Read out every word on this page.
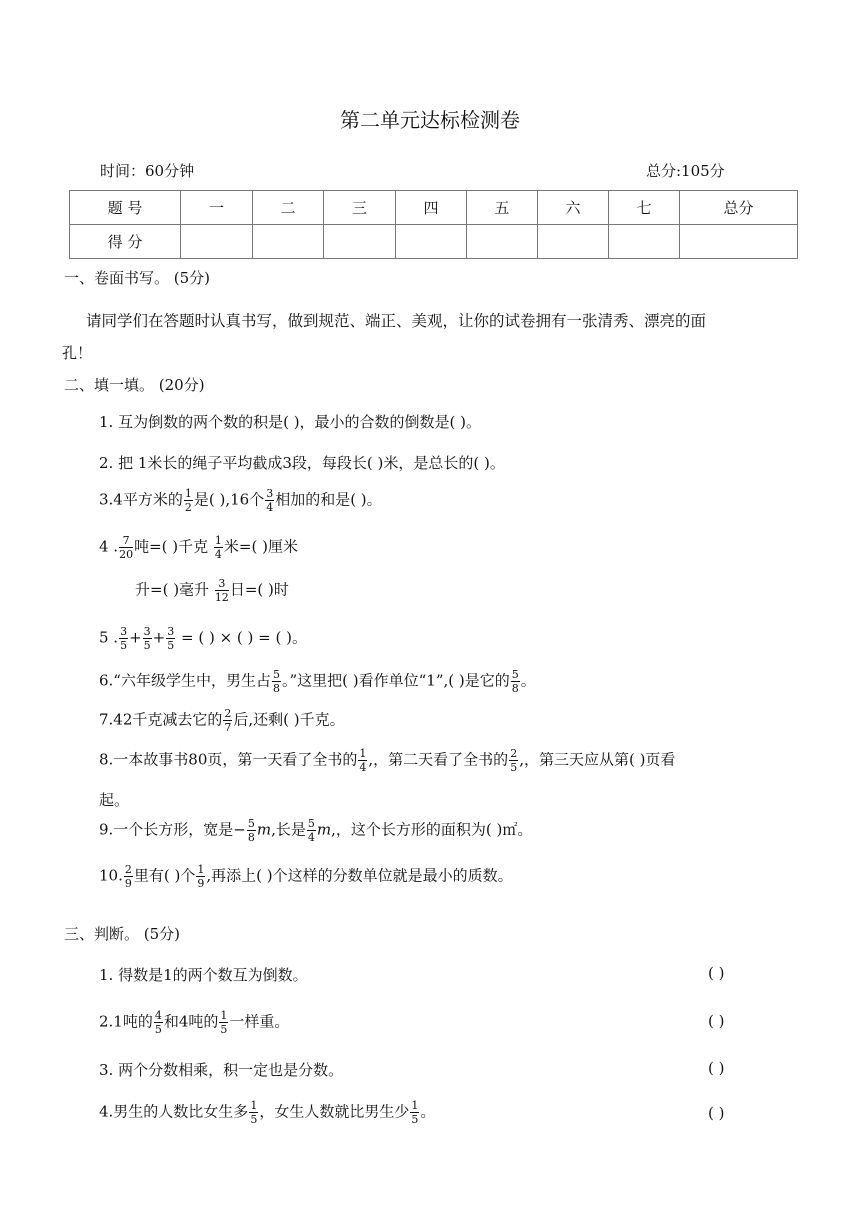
第二单元达标检测卷
时间：60分钟	总分:105分
题 号	一	二	三	四	五	六	七	总分
得 分								
一、卷面书写。 (5分)
请同学们在答题时认真书写，做到规范、端正、美观，让你的试卷拥有一张清秀、漂亮的面
孔！
二、填一填。 (20分)
1. 互为倒数的两个数的积是( )，最小的合数的倒数是( )。
2. 把 1米长的绳子平均截成3段，每段长( )米，是总长的( )。
3.4平方米的 $\frac{1}{2}$ 是( ),16个 $\frac{3}{4}$ 相加的和是( )。
4 . $\frac{7}{20}$ 吨=( )千克 $\frac{1}{4}$ 米=( )厘米
升=( )毫升 $\frac{3}{12}$ 日=( )时
5 . $\frac{3}{5} + \frac{3}{5} + \frac{3}{5}$ = ( ) × ( ) = ( )。
6.“六年级学生中，男生占 $\frac{5}{8}$ 。”这里把( )看作单位“1”,( )是它的 $\frac{5}{8}$ 。
7.42千克减去它的 $\frac{2}{7}$ 后,还剩( )千克。
8.一本故事书80页，第一天看了全书的 $\frac{1}{4}$ ,，第二天看了全书的 $\frac{2}{5}$ ,，第三天应从第( )页看
起。
9.一个长方形，宽是− $\frac{5}{8} m$,长是 $\frac{5}{4} m$,，这个长方形的面积为( )㎡。
10. $\frac{2}{9}$ 里有( )个 $\frac{1}{9}$ ,再添上( )个这样的分数单位就是最小的质数。
三、判断。 (5分)
1. 得数是1的两个数互为倒数。	( )
2.1吨的 $\frac{4}{5}$ 和4吨的 $\frac{1}{5}$ 一样重。	( )
3. 两个分数相乘，积一定也是分数。	( )
4.男生的人数比女生多 $\frac{1}{5}$ ，女生人数就比男生少 $\frac{1}{5}$ 。	( )
